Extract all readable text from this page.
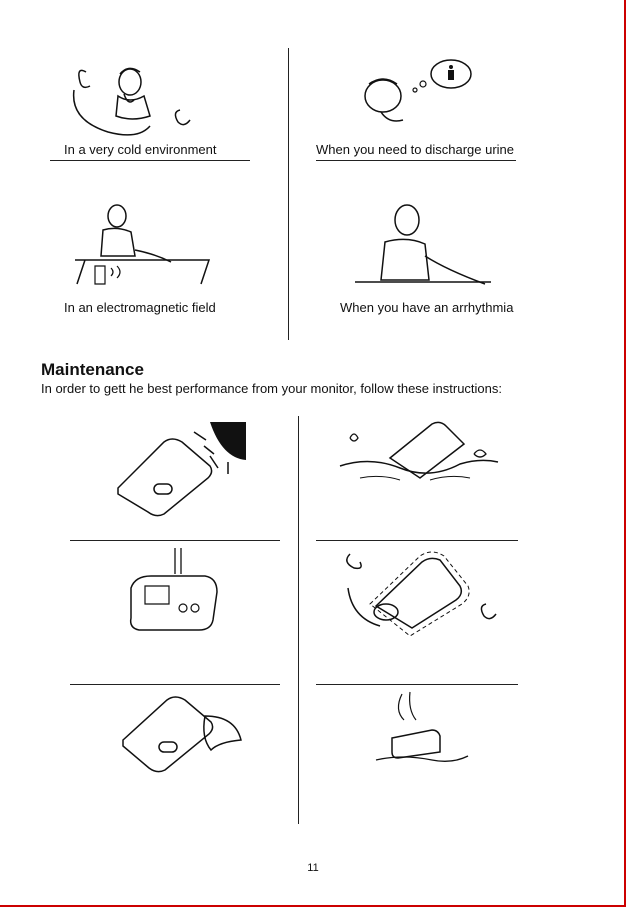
In a very cold environment	When you need to discharge urine
In an electromagnetic field	When you have an arrhythmia
Maintenance
In order to gett he best performance from your monitor, follow these instructions:
11
